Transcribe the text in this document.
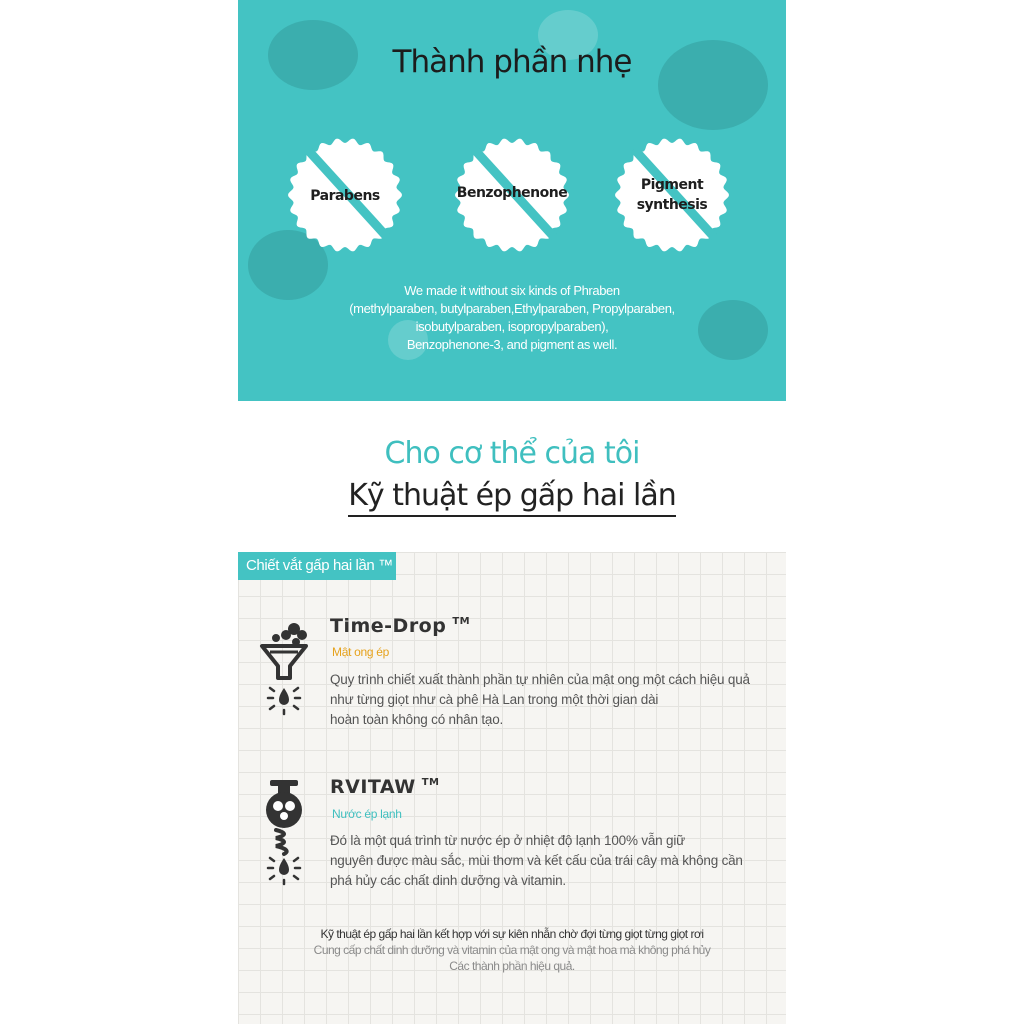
Thành phần nhẹ
Parabens	Benzophenone	Pigment
synthesis
We made it without six kinds of Phraben
(methylparaben, butylparaben,Ethylparaben, Propylparaben,
isobutylparaben, isopropylparaben),
Benzophenone-3, and pigment as well.
Cho cơ thể của tôi
Kỹ thuật ép gấp hai lần
Chiết vắt gấp hai lần ™
Time-Drop ™
Mật ong ép
Quy trình chiết xuất thành phần tự nhiên của mật ong một cách hiệu quả
như từng giọt như cà phê Hà Lan trong một thời gian dài
hoàn toàn không có nhân tạo.
RVITAW ™
Nước ép lạnh
Đó là một quá trình từ nước ép ở nhiệt độ lạnh 100% vẫn giữ
nguyên được màu sắc, mùi thơm và kết cấu của trái cây mà không cần
phá hủy các chất dinh dưỡng và vitamin.
Kỹ thuật ép gấp hai lần kết hợp với sự kiên nhẫn chờ đợi từng giọt từng giọt rơi
Cung cấp chất dinh dưỡng và vitamin của mật ong và mật hoa mà không phá hủy
Các thành phần hiệu quả.
